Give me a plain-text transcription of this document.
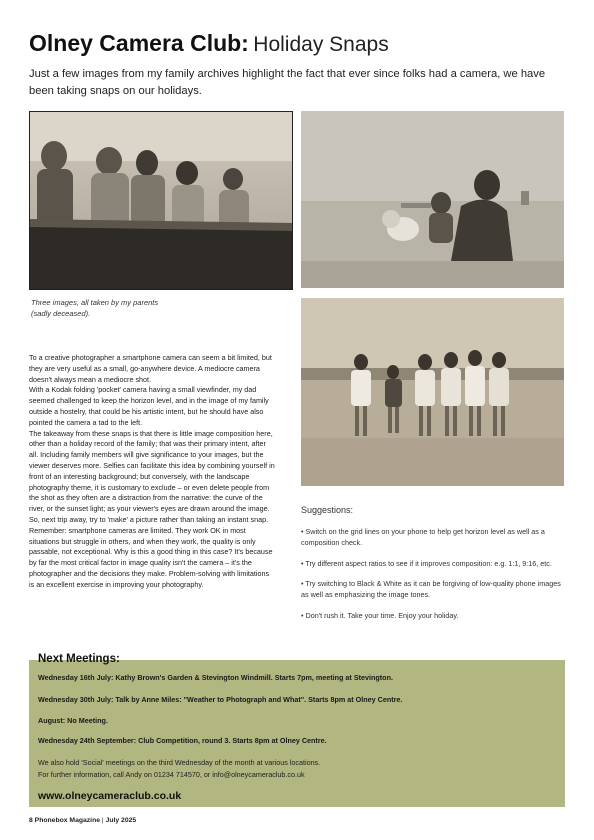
Olney Camera Club: Holiday Snaps
Just a few images from my family archives highlight the fact that ever since folks had a camera, we have been taking snaps on our holidays.
Three images, all taken by my parents
(sadly deceased).

To a creative photographer a smartphone camera can seem a bit limited, but they are very useful as a small, go-anywhere device. A mediocre camera doesn't always mean a mediocre shot.

With a Kodak folding 'pocket' camera having a small viewfinder, my dad seemed challenged to keep the horizon level, and in the image of my family outside a hostelry, that could be his artistic intent, but he should have also pointed the camera a tad to the left.

The takeaway from these snaps is that there is little image composition here, other than a holiday record of the family; that was their primary intent, after all. Including family members will give significance to your images, but the viewer deserves more. Selfies can facilitate this idea by combining yourself in front of an interesting background; but conversely, with the landscape photography theme, it is customary to exclude – or even delete people from the shot as they often are a distraction from the narrative: the curve of the river, or the sunset light; as your viewer's eyes are drawn around the image.

So, next trip away, try to 'make' a picture rather than taking an instant snap.

Remember: smartphone cameras are limited. They work OK in most situations but struggle in others, and when they work, the quality is only passable, not exceptional. Why is this a good thing in this case? It's because by far the most critical factor in image quality isn't the camera – it's the photographer and the decisions they make. Problem-solving with limitations is an excellent exercise in improving your photography.

Suggestions:
• Switch on the grid lines on your phone to help get horizon level as well as a composition check.
• Try different aspect ratios to see if it improves composition: e.g. 1:1, 9:16, etc.
• Try switching to Black & White as it can be forgiving of low-quality phone images as well as emphasizing the image tones.
• Don't rush it. Take your time. Enjoy your holiday.
Next Meetings:
Wednesday 16th July: Kathy Brown's Garden & Stevington Windmill. Starts 7pm, meeting at Stevington.
Wednesday 30th July: Talk by Anne Miles: "Weather to Photograph and What". Starts 8pm at Olney Centre.
August: No Meeting.
Wednesday 24th September: Club Competition, round 3. Starts 8pm at Olney Centre.
We also hold 'Social' meetings on the third Wednesday of the month at various locations.
For further information, call Andy on 01234 714570, or info@olneycameraclub.co.uk
www.olneycameraclub.co.uk
8 Phonebox Magazine | July 2025
